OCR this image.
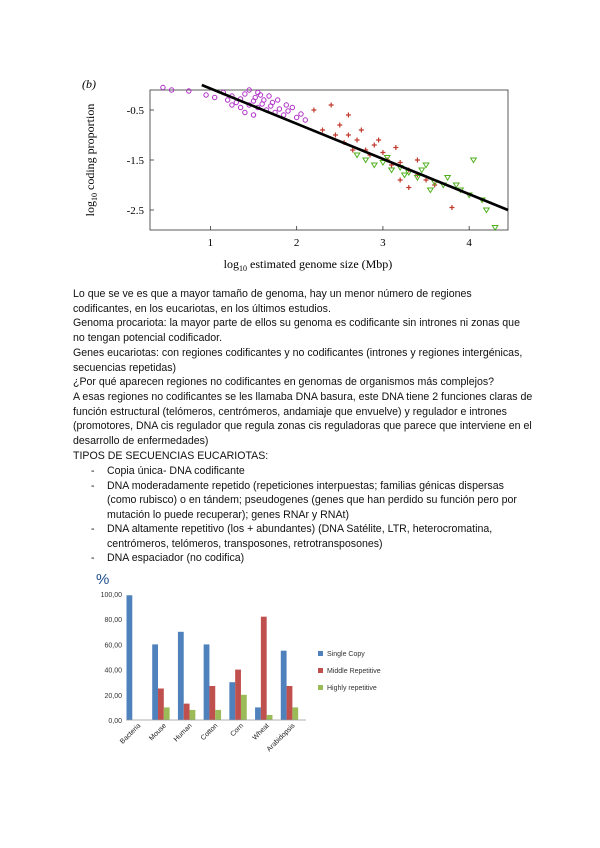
(b)
-0.5
-1.5
-2.5
1	2	3	4
$\log_{10}$ estimated genome size (Mbp)
$\log_{10}$ coding proportion

Lo que se ve es que a mayor tamaño de genoma, hay un menor número de regiones codificantes, en los eucariotas, en los últimos estudios.

Genoma procariota: la mayor parte de ellos su genoma es codificante sin intrones ni zonas que no tengan potencial codificador.

Genes eucariotas: con regiones codificantes y no codificantes (intrones y regiones intergénicas, secuencias repetidas)

¿Por qué aparecen regiones no codificantes en genomas de organismos más complejos?

A esas regiones no codificantes se les llamaba DNA basura, este DNA tiene 2 funciones claras de función estructural (telómeros, centrómeros, andamiaje que envuelve) y regulador e intrones (promotores, DNA cis regulador que regula zonas cis reguladoras que parece que interviene en el desarrollo de enfermedades)

TIPOS DE SECUENCIAS EUCARIOTAS:

- Copia única- DNA codificante
- DNA moderadamente repetido (repeticiones interpuestas; familias génicas dispersas (como rubisco) o en tándem; pseudogenes (genes que han perdido su función pero por mutación lo puede recuperar); genes RNAr y RNAt)
- DNA altamente repetitivo (los + abundantes) (DNA Satélite, LTR, heterocromatina, centrómeros, telómeros, transposones, retrotransposones)
- DNA espaciador (no codifica)
%
0,00
20,00
40,00
60,00
80,00
100,00
Bacteria Mouse Human Cotton Corn Wheat
Arabidopsis
Single Copy
Middle Repetitive
Highly repetitive
